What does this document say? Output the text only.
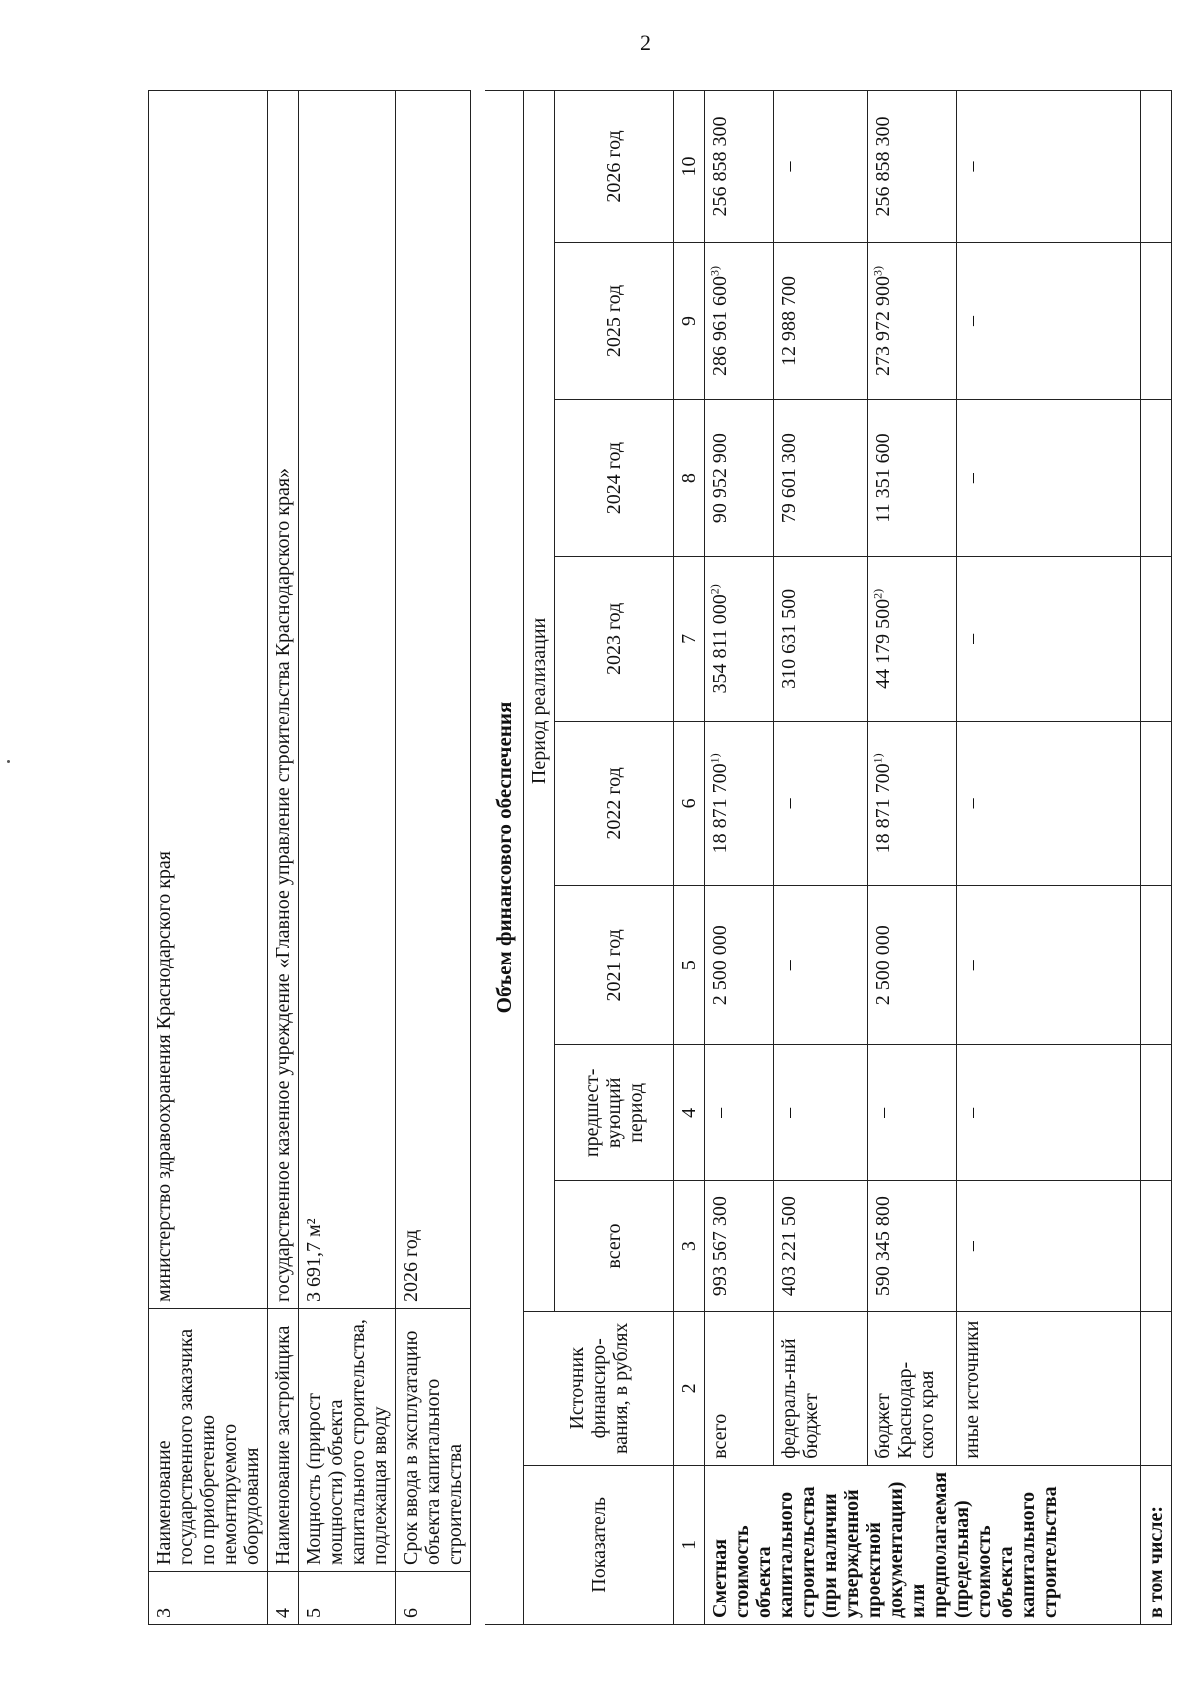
2
3	Наименование государственного заказчика по приобретению немонтируемого оборудования	министерство здравоохранения Краснодарского края
4	Наименование застройщика	государственное казенное учреждение «Главное управление строительства Краснодарского края»
5	Мощность (прирост мощности) объекта капитального строительства, подлежащая вводу	3 691,7 м²
6	Срок ввода в эксплуатацию объекта капитального строительства	2026 год
Объем финансового обеспечения
Показатель	Источник финансиро-вания, в рублях	Период реализации							
		всего	предшест-вующий период	2021 год	2022 год	2023 год	2024 год	2025 год	2026 год
1	2	3	4	5	6	7	8	9	10
Сметная стоимость объекта капитального строительства (при наличии утвержденной проектной документации) или предполагаемая (предельная) стоимость объекта капитального строительства	всего	993 567 300	–	2 500 000	18 871 700$^{1)}$	354 811 000$^{2)}$	90 952 900	286 961 600$^{3)}$	256 858 300
	федераль-ный бюджет	403 221 500	–	–	–	310 631 500	79 601 300	12 988 700	–
	бюджет Краснодар-ского края	590 345 800	–	2 500 000	18 871 700$^{1)}$	44 179 500$^{2)}$	11 351 600	273 972 900$^{3)}$	256 858 300
	иные источники	–	–	–	–	–	–	–	–
в том числе:									
